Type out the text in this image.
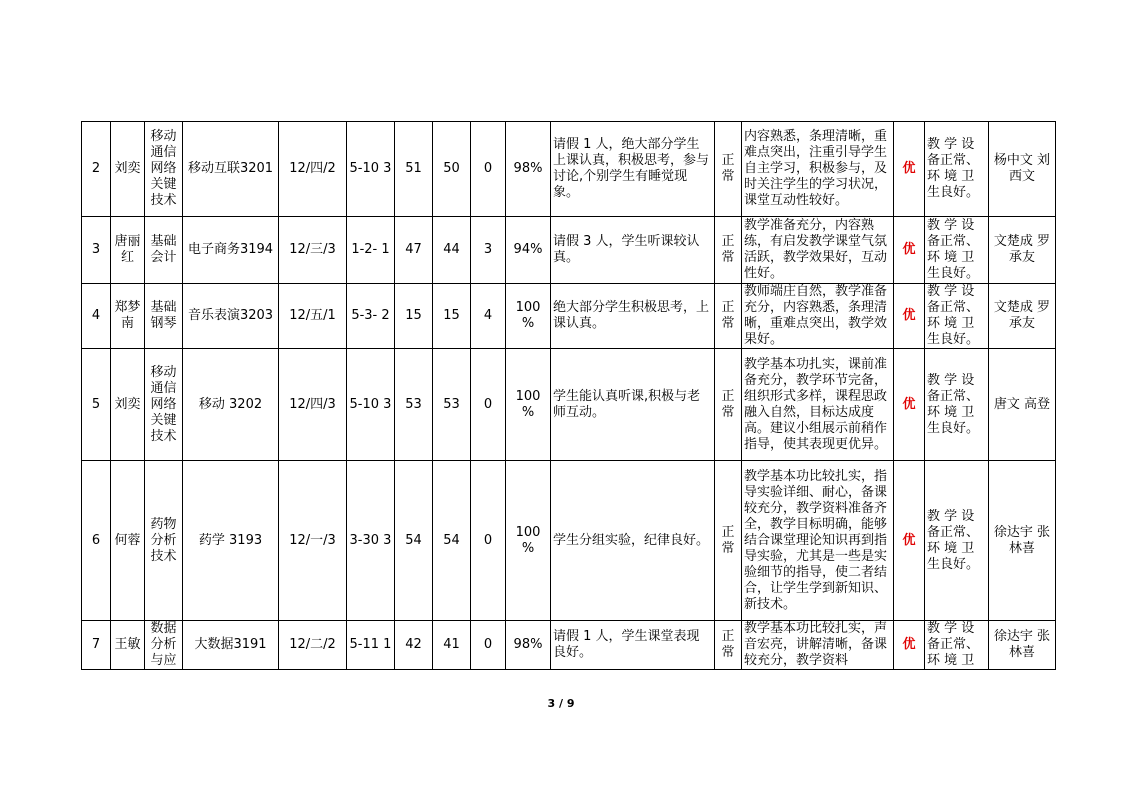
2	刘奕	移动通信网络关键技术	移动互联3201	12/四/2	5-10 3	51	50	0	98%	请假 1 人，绝大部分学生上课认真，积极思考，参与讨论,个别学生有睡觉现象。	正常	内容熟悉，条理清晰，重难点突出，注重引导学生自主学习，积极参与，及时关注学生的学习状况，课堂互动性较好。	优	教 学 设备正常、环 境 卫生良好。	杨中文 刘西文
3	唐丽红	基础会计	电子商务3194	12/三/3	1-2- 1	47	44	3	94%	请假 3 人，学生听课较认真。	正常	教学准备充分，内容熟练，有启发教学课堂气氛活跃，教学效果好，互动性好。	优	教 学 设备正常、环 境 卫生良好。	文楚成 罗承友
4	郑梦南	基础钢琴	音乐表演3203	12/五/1	5-3- 2	15	15	4	100 %	绝大部分学生积极思考，上课认真。	正常	教师端庄自然，教学准备充分，内容熟悉，条理清晰，重难点突出，教学效果好。	优	教 学 设备正常、环 境 卫生良好。	文楚成 罗承友
5	刘奕	移动通信网络关键技术	移动 3202	12/四/3	5-10 3	53	53	0	100 %	学生能认真听课,积极与老师互动。	正常	教学基本功扎实，课前准备充分，教学环节完备，组织形式多样，课程思政融入自然，目标达成度高。建议小组展示前稍作指导，使其表现更优异。	优	教 学 设备正常、环 境 卫生良好。	唐文 高登
6	何蓉	药物分析技术	药学 3193	12/一/3	3-30 3	54	54	0	100 %	学生分组实验，纪律良好。	正常	教学基本功比较扎实，指导实验详细、耐心，备课较充分，教学资料准备齐全，教学目标明确，能够结合课堂理论知识再到指导实验，尤其是一些是实验细节的指导，使二者结合，让学生学到新知识、新技术。	优	教 学 设备正常、环 境 卫生良好。	徐达宇 张林喜
7	王敏	数据分析与应	大数据3191	12/二/2	5-11 1	42	41	0	98%	请假 1 人，学生课堂表现良好。	正常	教学基本功比较扎实，声音宏亮，讲解清晰，备课较充分，教学资料	优	教 学 设备正常、环 境 卫	徐达宇 张林喜
3 / 9
